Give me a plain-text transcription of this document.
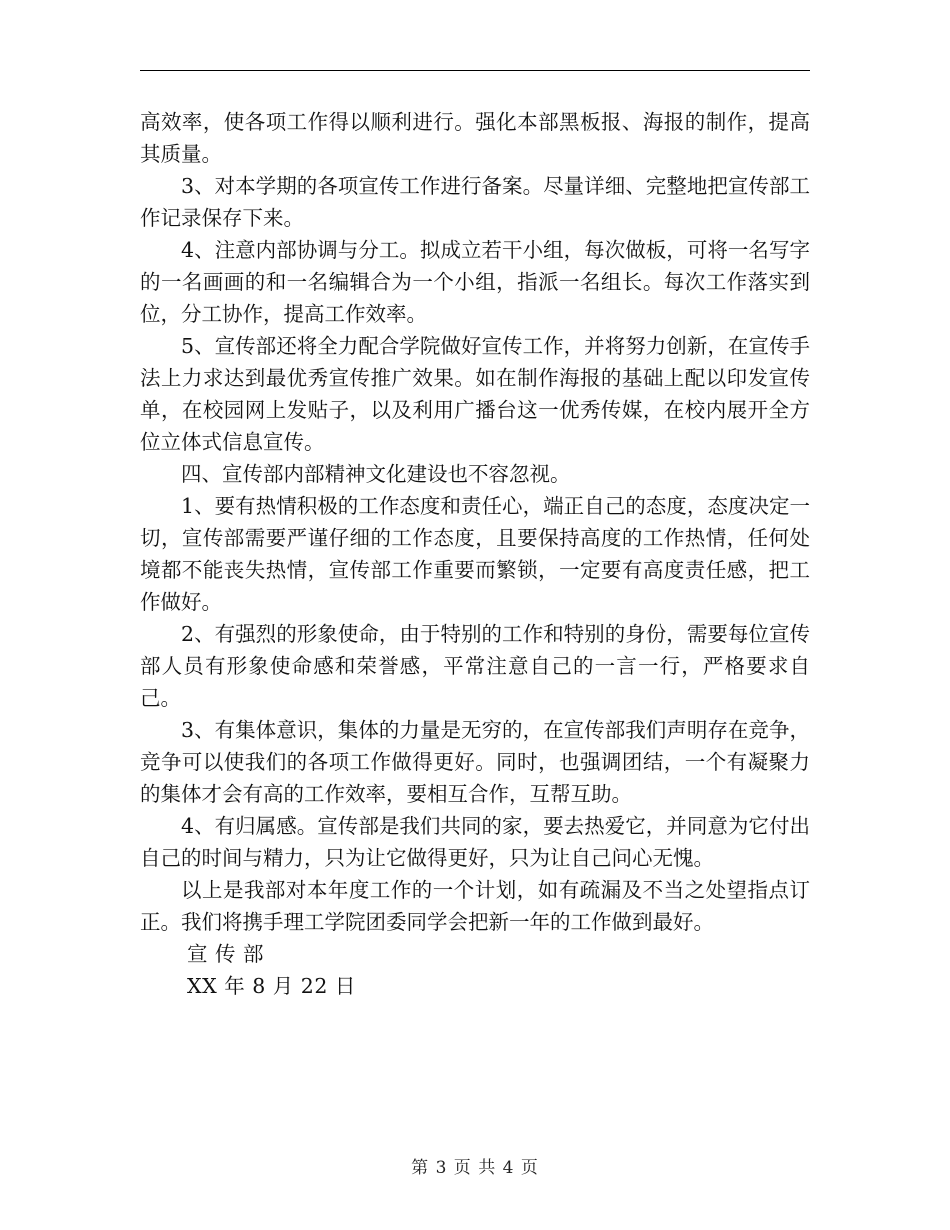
高效率，使各项工作得以顺利进行。强化本部黑板报、海报的制作，提高其质量。

3、对本学期的各项宣传工作进行备案。尽量详细、完整地把宣传部工作记录保存下来。

4、注意内部协调与分工。拟成立若干小组，每次做板，可将一名写字的一名画画的和一名编辑合为一个小组，指派一名组长。每次工作落实到位，分工协作，提高工作效率。

5、宣传部还将全力配合学院做好宣传工作，并将努力创新，在宣传手法上力求达到最优秀宣传推广效果。如在制作海报的基础上配以印发宣传单，在校园网上发贴子，以及利用广播台这一优秀传媒，在校内展开全方位立体式信息宣传。

四、宣传部内部精神文化建设也不容忽视。

1、要有热情积极的工作态度和责任心，端正自己的态度，态度决定一切，宣传部需要严谨仔细的工作态度，且要保持高度的工作热情，任何处境都不能丧失热情，宣传部工作重要而繁锁，一定要有高度责任感，把工作做好。

2、有强烈的形象使命，由于特别的工作和特别的身份，需要每位宣传部人员有形象使命感和荣誉感，平常注意自己的一言一行，严格要求自己。

3、有集体意识，集体的力量是无穷的，在宣传部我们声明存在竞争，竞争可以使我们的各项工作做得更好。同时，也强调团结，一个有凝聚力的集体才会有高的工作效率，要相互合作，互帮互助。

4、有归属感。宣传部是我们共同的家，要去热爱它，并同意为它付出自己的时间与精力，只为让它做得更好，只为让自己问心无愧。

以上是我部对本年度工作的一个计划，如有疏漏及不当之处望指点订正。我们将携手理工学院团委同学会把新一年的工作做到最好。

宣 传 部

XX 年 8 月 22 日

第 3 页 共 4 页
